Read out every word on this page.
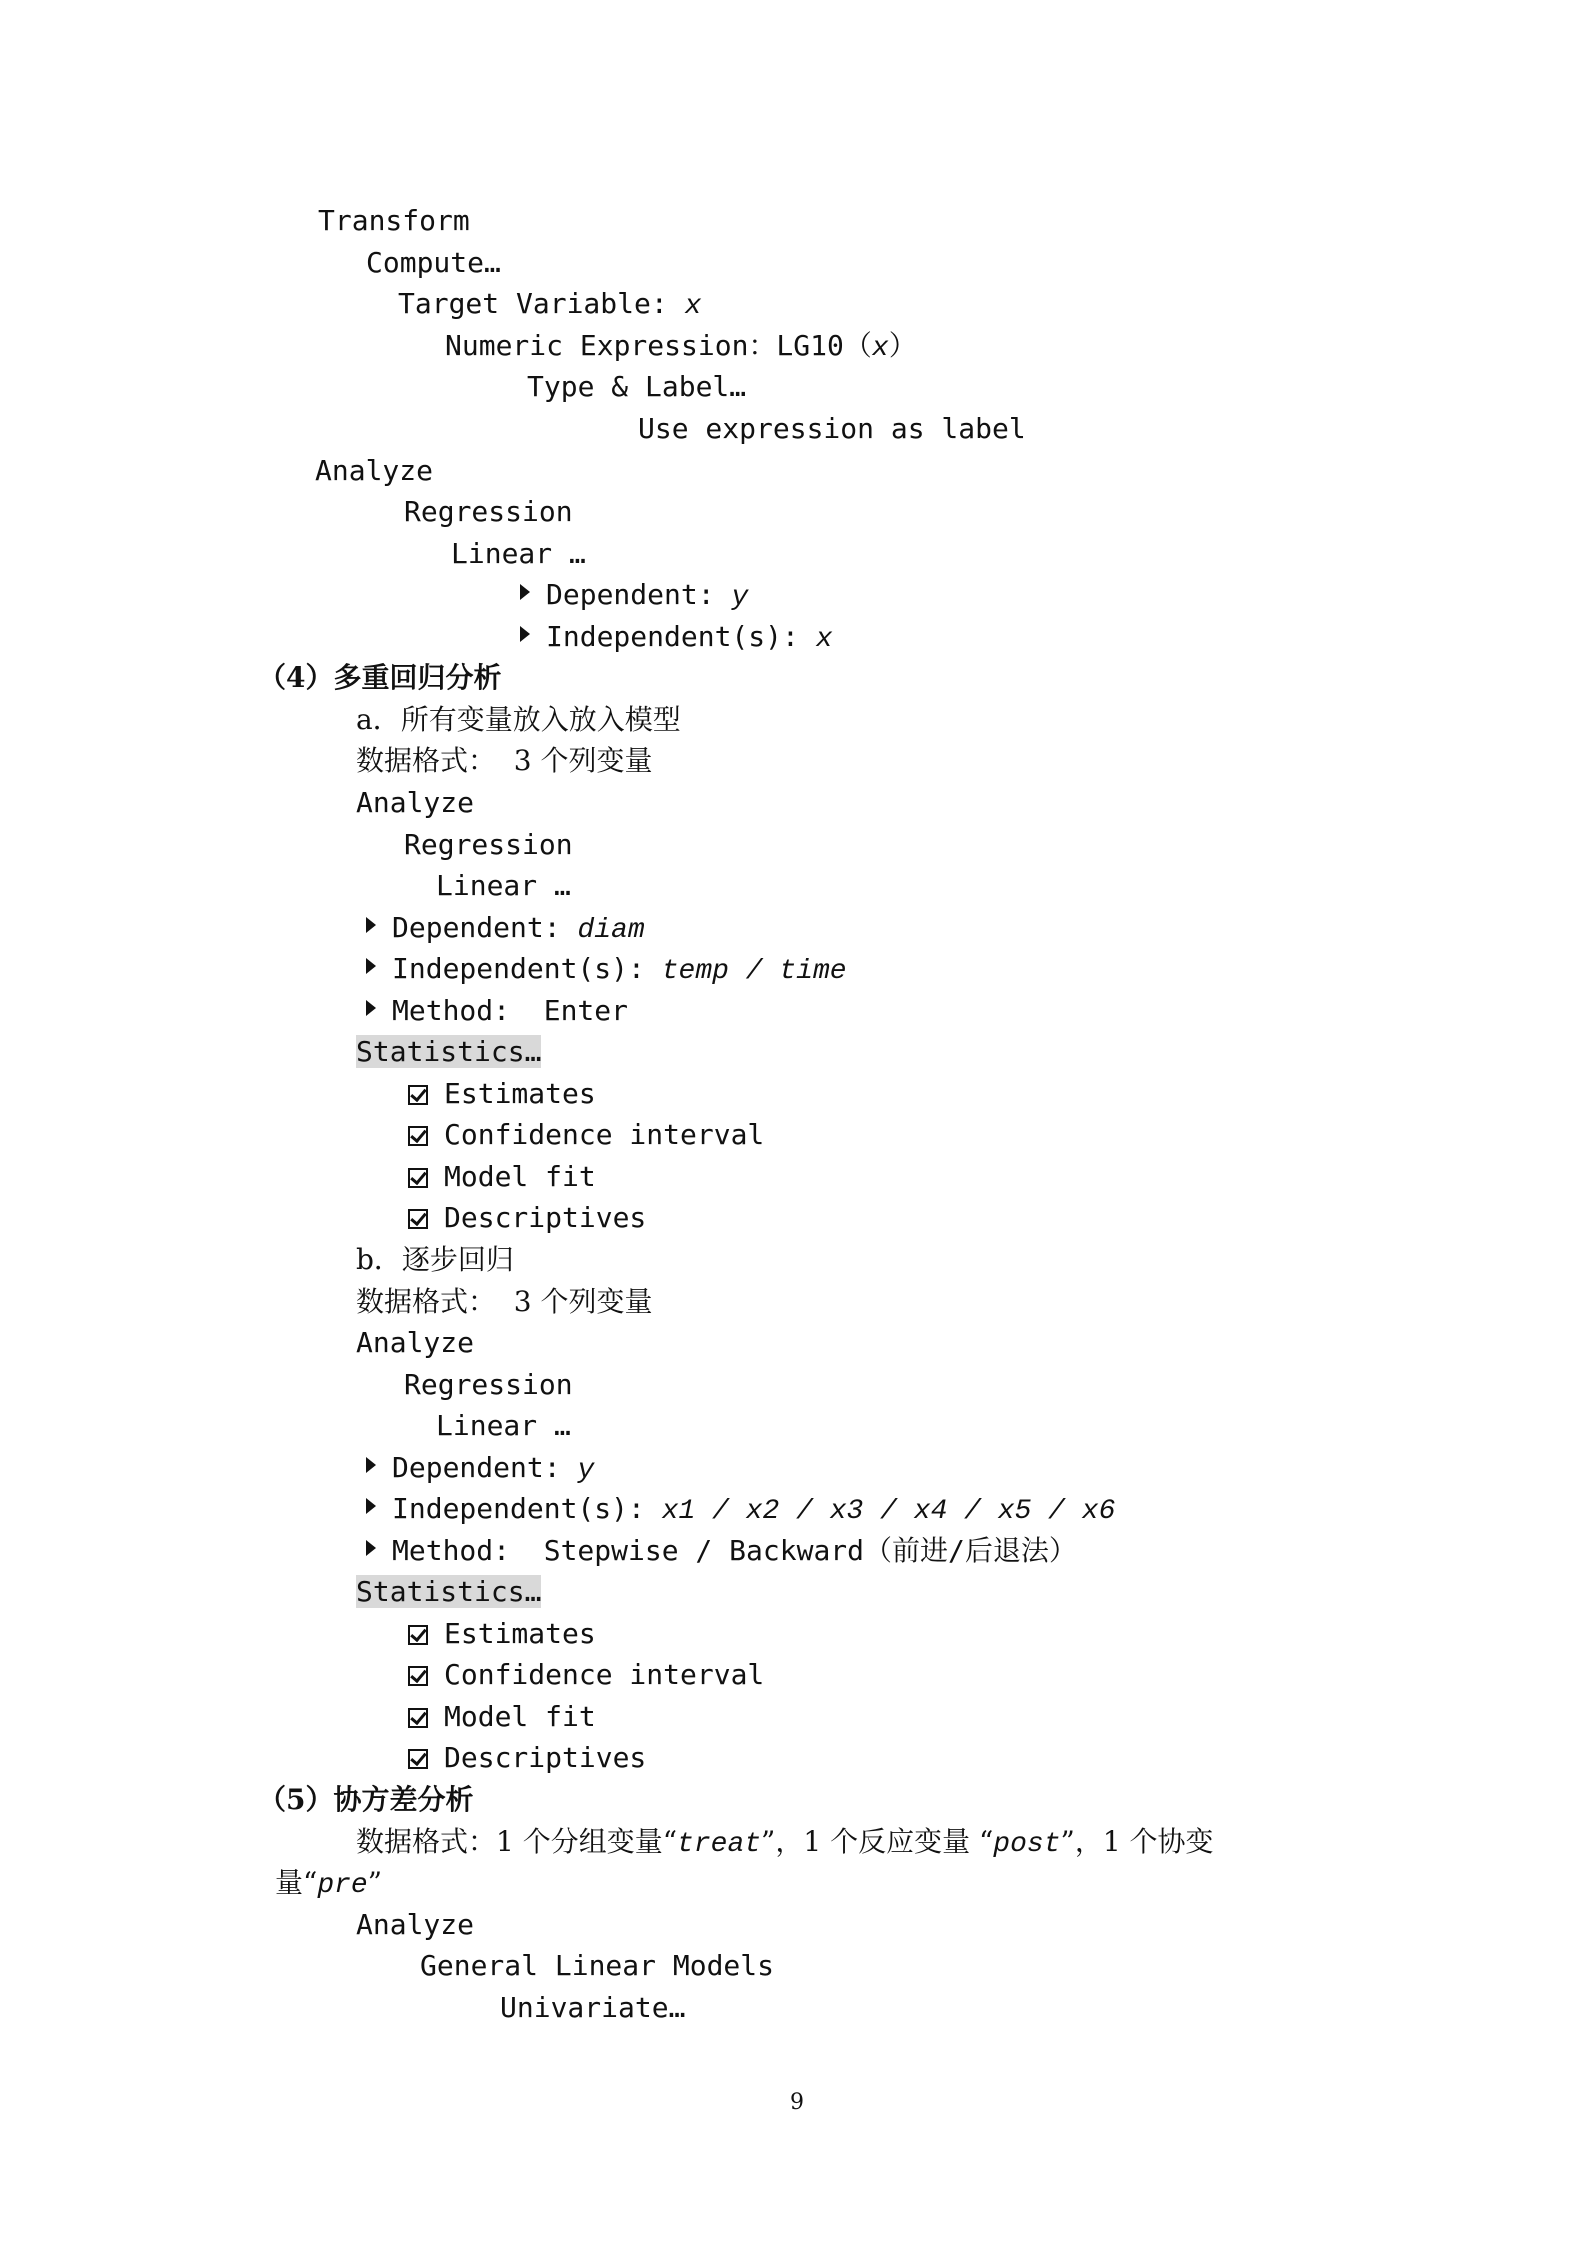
Transform
Compute…
Target Variable: x
Numeric Expression：LG10（x）
Type & Label…
Use expression as label
Analyze
Regression
Linear …
Dependent: y
Independent(s): x
（4）多重回归分析
a．所有变量放入放入模型
数据格式：  3 个列变量
Analyze
Regression
Linear …
Dependent: diam
Independent(s): temp / time
Method:  Enter
Statistics…
Estimates
Confidence interval
Model fit
Descriptives
b．逐步回归
数据格式：  3 个列变量
Analyze
Regression
Linear …
Dependent: y
Independent(s): x1 / x2 / x3 / x4 / x5 / x6
Method:  Stepwise / Backward（前进/后退法）
Statistics…
Estimates
Confidence interval
Model fit
Descriptives
（5）协方差分析
数据格式：1 个分组变量“treat”，1 个反应变量 “post”，1 个协变
量“pre”
Analyze
General Linear Models
Univariate…
9
